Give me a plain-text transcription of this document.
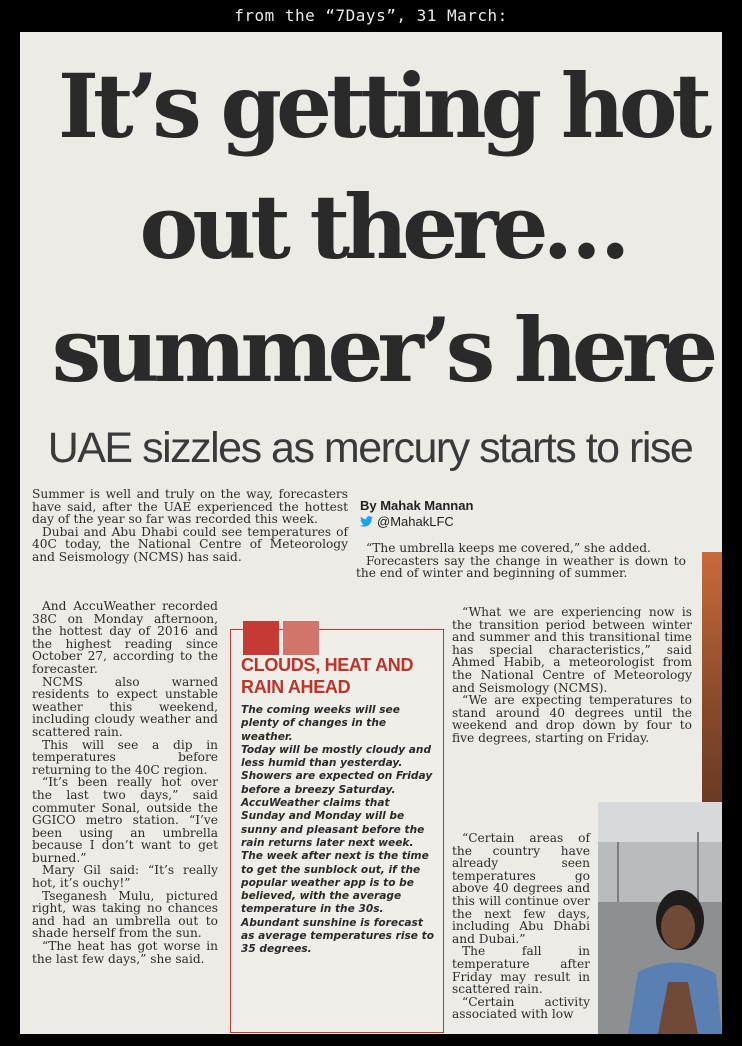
from the “7Days”, 31 March:
It’s getting hot
out there…
summer’s here
UAE sizzles as mercury starts to rise

Summer is well and truly on the way, forecasters have said, after the UAE experienced the hottest day of the year so far was recorded this week.

Dubai and Abu Dhabi could see temperatures of 40C today, the National Centre of Meteorology and Seismology (NCMS) has said.

And AccuWeather recorded 38C on Monday afternoon, the hottest day of 2016 and the highest reading since October 27, according to the forecaster.

NCMS also warned residents to expect unstable weather this weekend, including cloudy weather and scattered rain.

This will see a dip in temperatures before returning to the 40C region.

“It’s been really hot over the last two days,” said commuter Sonal, outside the GGICO metro station. “I’ve been using an umbrella because I don’t want to get burned.”

Mary Gil said: “It’s really hot, it’s ouchy!”

Tseganesh Mulu, pictured right, was taking no chances and had an umbrella out to shade herself from the sun.

“The heat has got worse in the last few days,” she said.

By Mahak Mannan
@MahakLFC

“The umbrella keeps me covered,” she added.

Forecasters say the change in weather is down to the end of winter and beginning of summer.

“What we are experiencing now is the transition period between winter and summer and this transitional time has special characteristics,” said Ahmed Habib, a meteorologist from the National Centre of Meteorology and Seismology (NCMS).

“We are expecting temperatures to stand around 40 degrees until the weekend and drop down by four to five degrees, starting on Friday.

“Certain areas of the country have already seen temperatures go above 40 degrees and this will continue over the next few days, including Abu Dhabi and Dubai.”

The fall in temperature after Friday may result in scattered rain.

“Certain activity associated with low

CLOUDS, HEAT AND RAIN AHEAD

The coming weeks will see plenty of changes in the weather.

Today will be mostly cloudy and less humid than yesterday. Showers are expected on Friday before a breezy Saturday.

AccuWeather claims that Sunday and Monday will be sunny and pleasant before the rain returns later next week.

The week after next is the time to get the sunblock out, if the popular weather app is to be believed, with the average temperature in the 30s.

Abundant sunshine is forecast as average temperatures rise to 35 degrees.
